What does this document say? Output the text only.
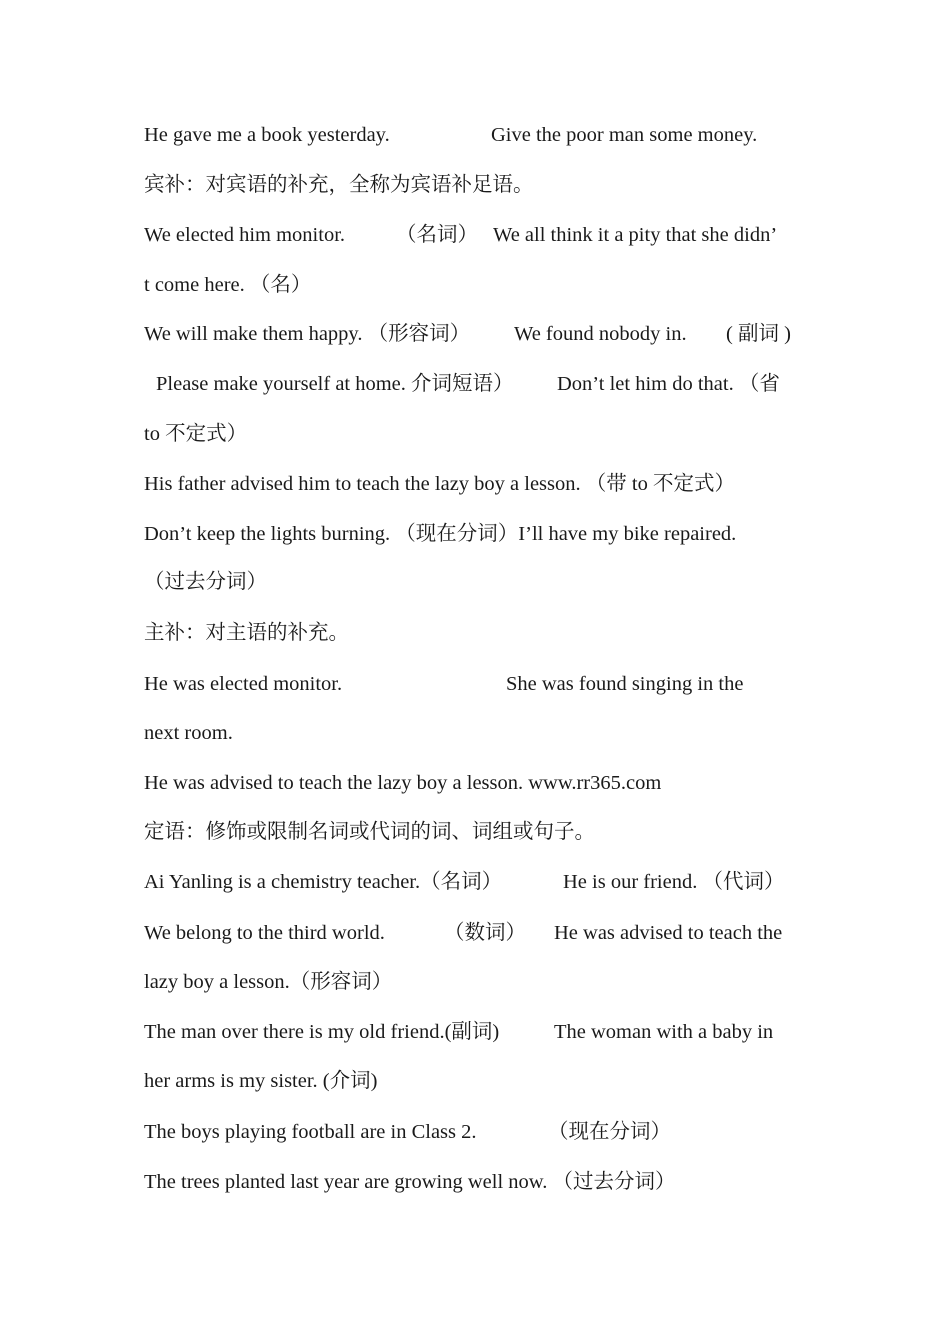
He gave me a book yesterday.	Give the poor man some money.
宾补：对宾语的补充，全称为宾语补足语。
We elected him monitor. （名词） We all think it a pity that she didn’
t come here. （名）
We will make them happy. （形容词） We found nobody in. ( 副词 )
Please make yourself at home. 介词短语） Don’t let him do that. （省
to 不定式）
His father advised him to teach the lazy boy a lesson. （带 to 不定式）
Don’t keep the lights burning. （现在分词）I’ll have my bike repaired.
（过去分词）
主补：对主语的补充。
He was elected monitor.	She was found singing in the
next room.
He was advised to teach the lazy boy a lesson. www.rr365.com
定语：修饰或限制名词或代词的词、词组或句子。
Ai Yanling is a chemistry teacher.（名词）	He is our friend. （代词）
We belong to the third world.	（数词） He was advised to teach the
lazy boy a lesson.（形容词）
The man over there is my old friend.(副词)	The woman with a baby in
her arms is my sister. (介词)
The boys playing football are in Class 2.	（现在分词）
The trees planted last year are growing well now. （过去分词）
